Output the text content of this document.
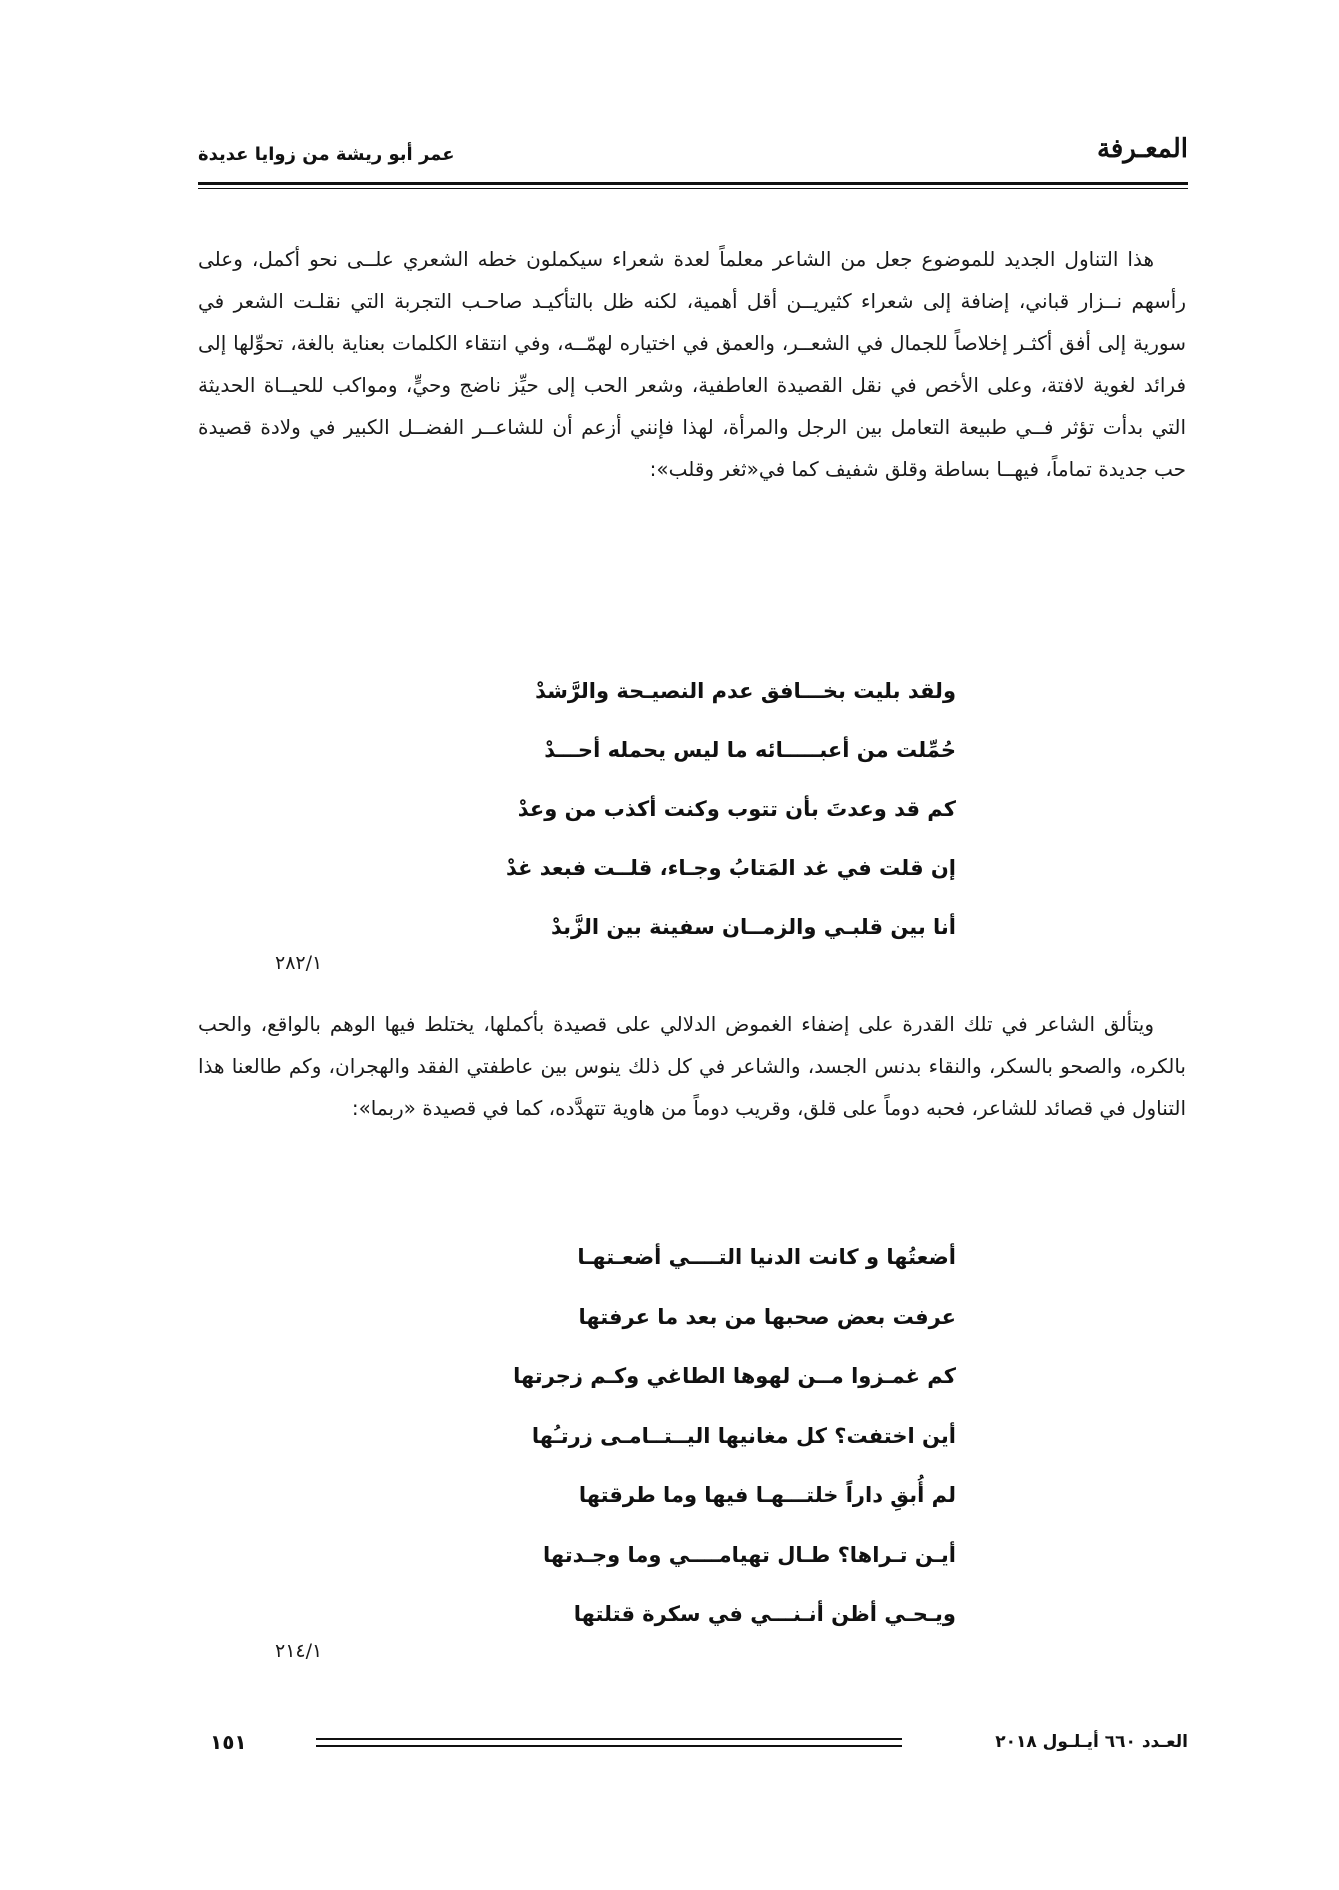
المعـرفة
عمر أبو ريشة من زوايا عديدة

هذا التناول الجديد للموضوع جعل من الشاعر معلماً لعدة شعراء سيكملون خطه الشعري علــى نحو أكمل، وعلى رأسهم نــزار قباني، إضافة إلى شعراء كثيريــن أقل أهمية، لكنه ظل بالتأكيـد صاحـب التجربة التي نقلـت الشعر في سورية إلى أفق أكثـر إخلاصاً للجمال في الشعــر، والعمق في اختياره لهمّــه، وفي انتقاء الكلمات بعناية بالغة، تحوِّلها إلى فرائد لغوية لافتة، وعلى الأخص في نقل القصيدة العاطفية، وشعر الحب إلى حيِّز ناضج وحيٍّ، ومواكب للحيــاة الحديثة التي بدأت تؤثر فــي طبيعة التعامل بين الرجل والمرأة، لهذا فإنني أزعم أن للشاعــر الفضــل الكبير في ولادة قصيدة حب جديدة تماماً، فيهــا بساطة وقلق شفيف كما في«ثغر وقلب»:

ولقد بليت بخـــافق عدم النصيـحة والرَّشدْ
حُمِّلت من أعبـــــائه ما ليس يحمله أحـــدْ
كم قد وعدتَ بأن تتوب وكنت أكذب من وعدْ
إن قلت في غد المَتابُ وجـاء، قلــت فبعد غدْ
أنا بين قلبـي والزمــان سفينة بين الزَّبدْ
٢٨٢/١

ويتألق الشاعر في تلك القدرة على إضفاء الغموض الدلالي على قصيدة بأكملها، يختلط فيها الوهم بالواقع، والحب بالكره، والصحو بالسكر، والنقاء بدنس الجسد، والشاعر في كل ذلك ينوس بين عاطفتي الفقد والهجران، وكم طالعنا هذا التناول في قصائد للشاعر، فحبه دوماً على قلق، وقريب دوماً من هاوية تتهدَّده، كما في قصيدة «ربما»:

أضعتُها و كانت الدنيا التــــي أضعـتهـا
عرفت بعض صحبها من بعد ما عرفتها
كم غمـزوا مــن لهوها الطاغي وكـم زجرتها
أين اختفت؟ كل مغانيها اليــتــامـى زرتـُها
لم أُبقِ داراً خلتـــهـا فيها وما طرقتها
أيـن تـراها؟ طـال تهيامــــي وما وجـدتها
ويـحـي أظن أنـنـــي في سكرة قتلتها
٢١٤/١
١٥١	العـدد ٦٦٠ أيـلـول ٢٠١٨
